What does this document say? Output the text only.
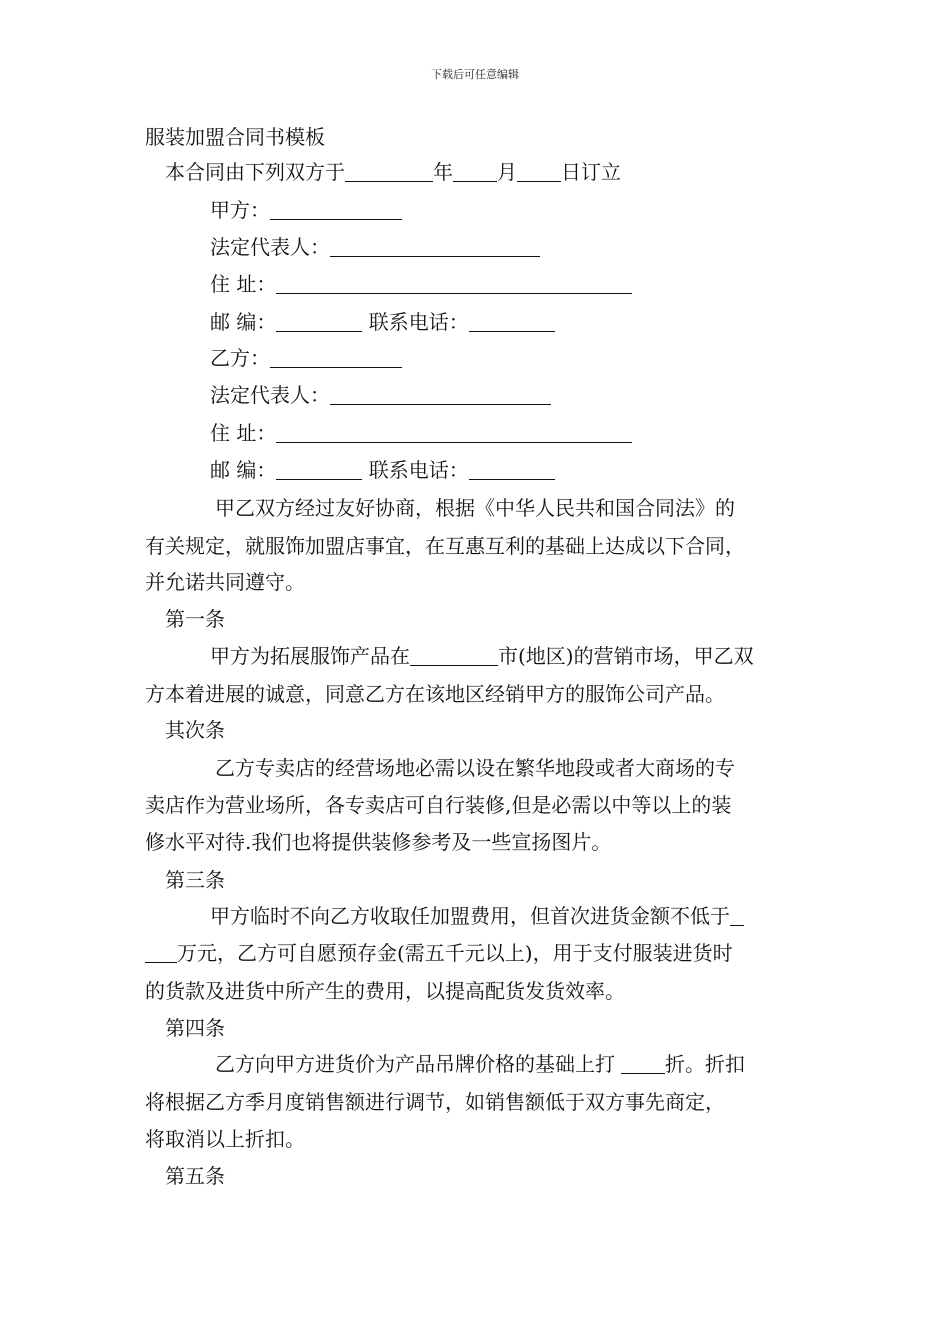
下载后可任意编辑
服装加盟合同书模板
本合同由下列双方于	年 月 日订立
甲方：
法定代表人：
住 址：
邮 编：	联系电话：
乙方：
法定代表人：
住 址：
邮 编：	联系电话：
甲乙双方经过友好协商，根据《中华人民共和国合同法》的
有关规定，就服饰加盟店事宜，在互惠互利的基础上达成以下合同，
并允诺共同遵守。
第一条
甲方为拓展服饰产品在	市(地区)的营销市场，甲乙双
方本着进展的诚意，同意乙方在该地区经销甲方的服饰公司产品。
其次条
乙方专卖店的经营场地必需以设在繁华地段或者大商场的专
卖店作为营业场所，各专卖店可自行装修,但是必需以中等以上的装
修水平对待.我们也将提供装修参考及一些宣扬图片。
第三条
甲方临时不向乙方收取任加盟费用，但首次进货金额不低于
万元，乙方可自愿预存金(需五千元以上)，用于支付服装进货时
的货款及进货中所产生的费用，以提高配货发货效率。
第四条
乙方向甲方进货价为产品吊牌价格的基础上打	折。折扣
将根据乙方季月度销售额进行调节，如销售额低于双方事先商定，
将取消以上折扣。
第五条
